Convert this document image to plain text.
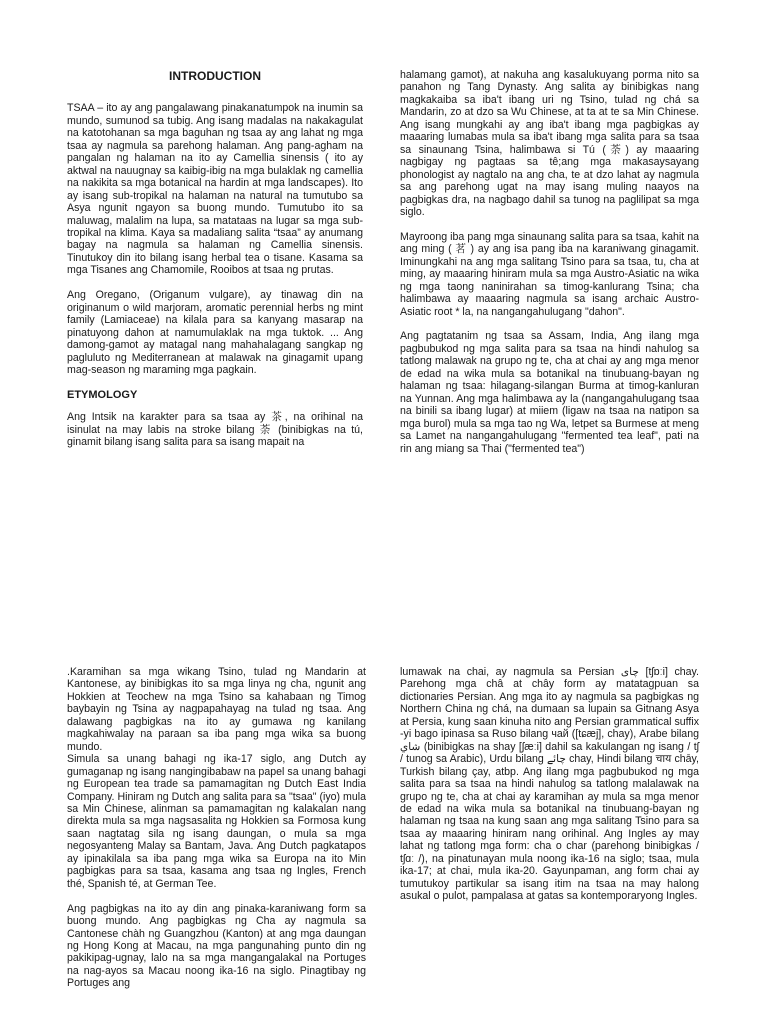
INTRODUCTION

TSAA – ito ay ang pangalawang pinakanatumpok na inumin sa mundo, sumunod sa tubig. Ang isang madalas na nakakagulat na katotohanan sa mga baguhan ng tsaa ay ang lahat ng mga tsaa ay nagmula sa parehong halaman. Ang pang-agham na pangalan ng halaman na ito ay Camellia sinensis ( ito ay aktwal na nauugnay sa kaibig-ibig na mga bulaklak ng camellia na nakikita sa mga botanical na hardin at mga landscapes). Ito ay isang sub-tropikal na halaman na natural na tumutubo sa Asya ngunit ngayon sa buong mundo. Tumutubo ito sa maluwag, malalim na lupa, sa matataas na lugar sa mga sub-tropikal na klima. Kaya sa madaliang salita “tsaa” ay anumang bagay na nagmula sa halaman ng Camellia sinensis. Tinutukoy din ito bilang isang herbal tea o tisane. Kasama sa mga Tisanes ang Chamomile, Rooibos at tsaa ng prutas.

Ang Oregano, (Origanum vulgare), ay tinawag din na originanum o wild marjoram, aromatic perennial herbs ng mint family (Lamiaceae) na kilala para sa kanyang masarap na pinatuyong dahon at namumulaklak na mga tuktok. ... Ang damong-gamot ay matagal nang mahahalagang sangkap ng pagluluto ng Mediterranean at malawak na ginagamit upang mag-season ng maraming mga pagkain.

ETYMOLOGY

Ang Intsik na karakter para sa tsaa ay 茶, na orihinal na isinulat na may labis na stroke bilang 荼 (binibigkas na tú, ginamit bilang isang salita para sa isang mapait na

halamang gamot), at nakuha ang kasalukuyang porma nito sa panahon ng Tang Dynasty. Ang salita ay binibigkas nang magkakaiba sa iba't ibang uri ng Tsino, tulad ng chá sa Mandarin, zo at dzo sa Wu Chinese, at ta at te sa Min Chinese. Ang isang mungkahi ay ang iba't ibang mga pagbigkas ay maaaring lumabas mula sa iba't ibang mga salita para sa tsaa sa sinaunang Tsina, halimbawa si Tú (荼) ay maaaring nagbigay ng pagtaas sa tê;ang mga makasaysayang phonologist ay nagtalo na ang cha, te at dzo lahat ay nagmula sa ang parehong ugat na may isang muling naayos na pagbigkas dra, na nagbago dahil sa tunog na paglilipat sa mga siglo.

Mayroong iba pang mga sinaunang salita para sa tsaa, kahit na ang ming ( 茗 ) ay ang isa pang iba na karaniwang ginagamit. Iminungkahi na ang mga salitang Tsino para sa tsaa, tu, cha at ming, ay maaaring hiniram mula sa mga Austro-Asiatic na wika ng mga taong naninirahan sa timog-kanlurang Tsina; cha halimbawa ay maaaring nagmula sa isang archaic Austro-Asiatic root * la, na nangangahulugang "dahon".

Ang pagtatanim ng tsaa sa Assam, India, Ang ilang mga pagbubukod ng mga salita para sa tsaa na hindi nahulog sa tatlong malawak na grupo ng te, cha at chai ay ang mga menor de edad na wika mula sa botanikal na tinubuang-bayan ng halaman ng tsaa: hilagang-silangan Burma at timog-kanluran na Yunnan. Ang mga halimbawa ay la (nangangahulugang tsaa na binili sa ibang lugar) at miiem (ligaw na tsaa na natipon sa mga burol) mula sa mga tao ng Wa, letpet sa Burmese at meng sa Lamet na nangangahulugang "fermented tea leaf", pati na rin ang miang sa Thai ("fermented tea")

.Karamihan sa mga wikang Tsino, tulad ng Mandarin at Kantonese, ay binibigkas ito sa mga linya ng cha, ngunit ang Hokkien at Teochew na mga Tsino sa kahabaan ng Timog baybayin ng Tsina ay nagpapahayag na tulad ng tsaa. Ang dalawang pagbigkas na ito ay gumawa ng kanilang magkahiwalay na paraan sa iba pang mga wika sa buong mundo.

Simula sa unang bahagi ng ika-17 siglo, ang Dutch ay gumaganap ng isang nangingibabaw na papel sa unang bahagi ng European tea trade sa pamamagitan ng Dutch East India Company. Hiniram ng Dutch ang salita para sa "tsaa" (iyo) mula sa Min Chinese, alinman sa pamamagitan ng kalakalan nang direkta mula sa mga nagsasalita ng Hokkien sa Formosa kung saan nagtatag sila ng isang daungan, o mula sa mga negosyanteng Malay sa Bantam, Java. Ang Dutch pagkatapos ay ipinakilala sa iba pang mga wika sa Europa na ito Min pagbigkas para sa tsaa, kasama ang tsaa ng Ingles, French thé, Spanish té, at German Tee.

Ang pagbigkas na ito ay din ang pinaka-karaniwang form sa buong mundo. Ang pagbigkas ng Cha ay nagmula sa Cantonese chàh ng Guangzhou (Kanton) at ang mga daungan ng Hong Kong at Macau, na mga pangunahing punto din ng pakikipag-ugnay, lalo na sa mga mangangalakal na Portuges na nag-ayos sa Macau noong ika-16 na siglo. Pinagtibay ng Portuges ang

lumawak na chai, ay nagmula sa Persian چای [tʃɒːi] chay. Parehong mga châ at chây form ay matatagpuan sa dictionaries Persian. Ang mga ito ay nagmula sa pagbigkas ng Northern China ng chá, na dumaan sa lupain sa Gitnang Asya at Persia, kung saan kinuha nito ang Persian grammatical suffix -yi bago ipinasa sa Ruso bilang чай ([tɕæj], chay), Arabe bilang شاي (binibigkas na shay [ʃæːi] dahil sa kakulangan ng isang / tʃ / tunog sa Arabic), Urdu bilang چائے chay, Hindi bilang चाय chāy, Turkish bilang çay, atbp. Ang ilang mga pagbubukod ng mga salita para sa tsaa na hindi nahulog sa tatlong malalawak na grupo ng te, cha at chai ay karamihan ay mula sa mga menor de edad na wika mula sa botanikal na tinubuang-bayan ng halaman ng tsaa na kung saan ang mga salitang Tsino para sa tsaa ay maaaring hiniram nang orihinal. Ang Ingles ay may lahat ng tatlong mga form: cha o char (parehong binibigkas / tʃɑː /), na pinatunayan mula noong ika-16 na siglo; tsaa, mula ika-17; at chai, mula ika-20. Gayunpaman, ang form chai ay tumutukoy partikular sa isang itim na tsaa na may halong asukal o pulot, pampalasa at gatas sa kontemporaryong Ingles.
